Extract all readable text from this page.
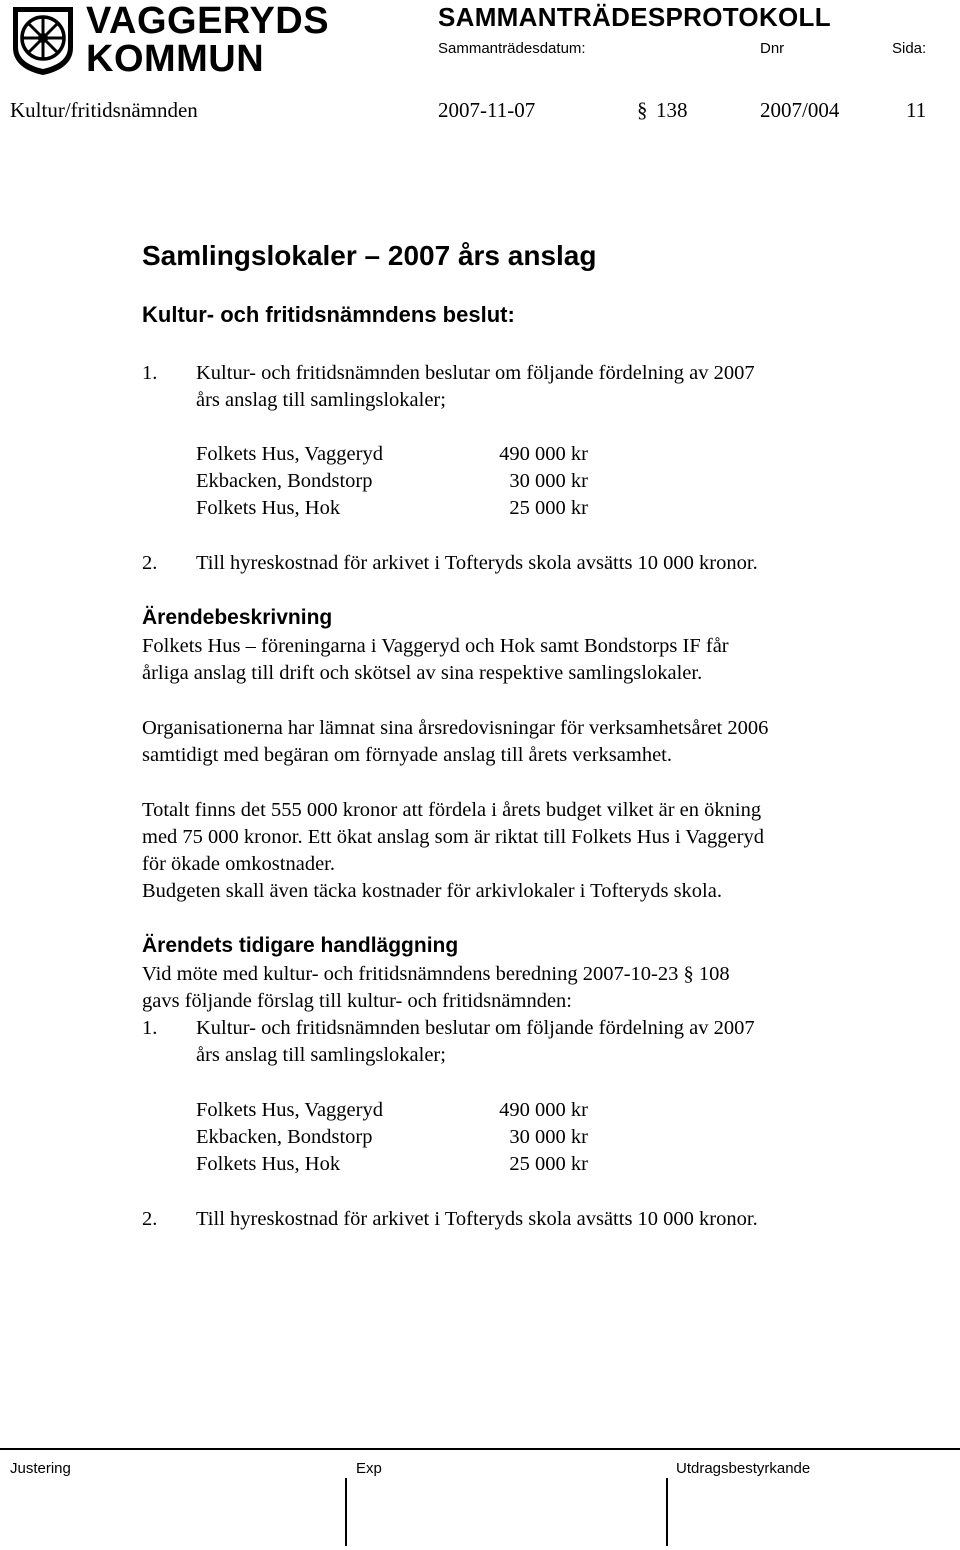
VAGGERYDS
KOMMUN
SAMMANTRÄDESPROTOKOLL
Sammanträdesdatum:	Dnr	Sida:
Kultur/fritidsnämnden	2007-11-07	§ 138	2007/004	11
Samlingslokaler – 2007 års anslag
Kultur- och fritidsnämndens beslut:
1. Kultur- och fritidsnämnden beslutar om följande fördelning av 2007
års anslag till samlingslokaler;
Folkets Hus, Vaggeryd	490 000 kr
Ekbacken, Bondstorp	30 000 kr
Folkets Hus, Hok	25 000 kr
2. Till hyreskostnad för arkivet i Tofteryds skola avsätts 10 000 kronor.
Ärendebeskrivning
Folkets Hus – föreningarna i Vaggeryd och Hok samt Bondstorps IF får
årliga anslag till drift och skötsel av sina respektive samlingslokaler.
Organisationerna har lämnat sina årsredovisningar för verksamhetsåret 2006
samtidigt med begäran om förnyade anslag till årets verksamhet.
Totalt finns det 555 000 kronor att fördela i årets budget vilket är en ökning
med 75 000 kronor. Ett ökat anslag som är riktat till Folkets Hus i Vaggeryd
för ökade omkostnader.
Budgeten skall även täcka kostnader för arkivlokaler i Tofteryds skola.
Ärendets tidigare handläggning
Vid möte med kultur- och fritidsnämndens beredning 2007-10-23 § 108
gavs följande förslag till kultur- och fritidsnämnden:
1. Kultur- och fritidsnämnden beslutar om följande fördelning av 2007
års anslag till samlingslokaler;
Folkets Hus, Vaggeryd	490 000 kr
Ekbacken, Bondstorp	30 000 kr
Folkets Hus, Hok	25 000 kr
2. Till hyreskostnad för arkivet i Tofteryds skola avsätts 10 000 kronor.
Justering	Exp	Utdragsbestyrkande
